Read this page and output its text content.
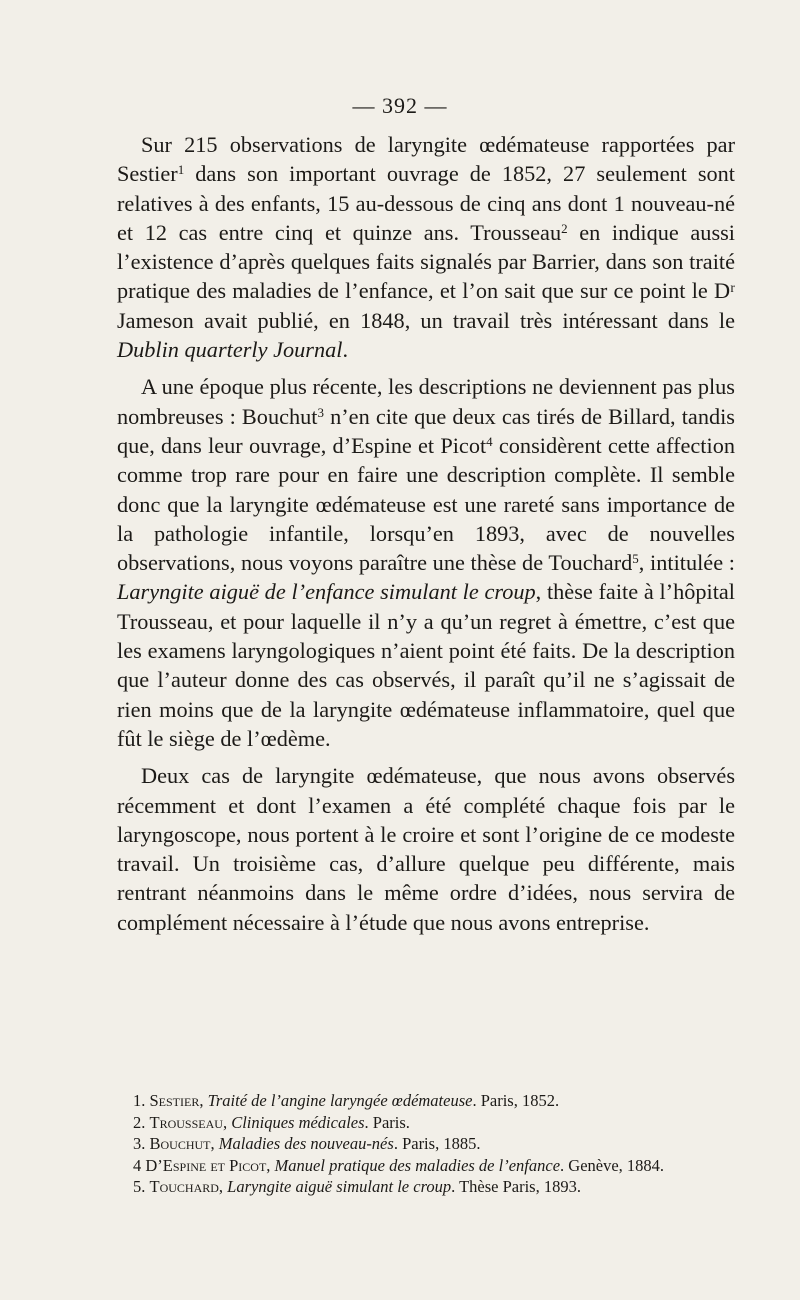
— 392 —

Sur 215 observations de laryngite œdémateuse rapportées par Sestier$^1$ dans son important ouvrage de 1852, 27 seulement sont relatives à des enfants, 15 au-dessous de cinq ans dont 1 nouveau-né et 12 cas entre cinq et quinze ans. Trousseau$^2$ en indique aussi l’existence d’après quelques faits signalés par Barrier, dans son traité pratique des maladies de l’enfance, et l’on sait que sur ce point le Dʳ Jameson avait publié, en 1848, un travail très intéressant dans le Dublin quarterly Journal.

A une époque plus récente, les descriptions ne deviennent pas plus nombreuses : Bouchut$^3$ n’en cite que deux cas tirés de Billard, tandis que, dans leur ouvrage, d’Espine et Picot$^4$ considèrent cette affection comme trop rare pour en faire une description complète. Il semble donc que la laryngite œdémateuse est une rareté sans importance de la pathologie infantile, lorsqu’en 1893, avec de nouvelles observations, nous voyons paraître une thèse de Touchard$^5$, intitulée : Laryngite aiguë de l’enfance simulant le croup, thèse faite à l’hôpital Trousseau, et pour laquelle il n’y a qu’un regret à émettre, c’est que les examens laryngologiques n’aient point été faits. De la description que l’auteur donne des cas observés, il paraît qu’il ne s’agissait de rien moins que de la laryngite œdémateuse inflammatoire, quel que fût le siège de l’œdème.

Deux cas de laryngite œdémateuse, que nous avons observés récemment et dont l’examen a été complété chaque fois par le laryngoscope, nous portent à le croire et sont l’origine de ce modeste travail. Un troisième cas, d’allure quelque peu différente, mais rentrant néanmoins dans le même ordre d’idées, nous servira de complément nécessaire à l’étude que nous avons entreprise.

1. Sestier, Traité de l’angine laryngée œdémateuse. Paris, 1852.

2. Trousseau, Cliniques médicales. Paris.

3. Bouchut, Maladies des nouveau-nés. Paris, 1885.

4 D’Espine et Picot, Manuel pratique des maladies de l’enfance. Genève, 1884.

5. Touchard, Laryngite aiguë simulant le croup. Thèse Paris, 1893.
